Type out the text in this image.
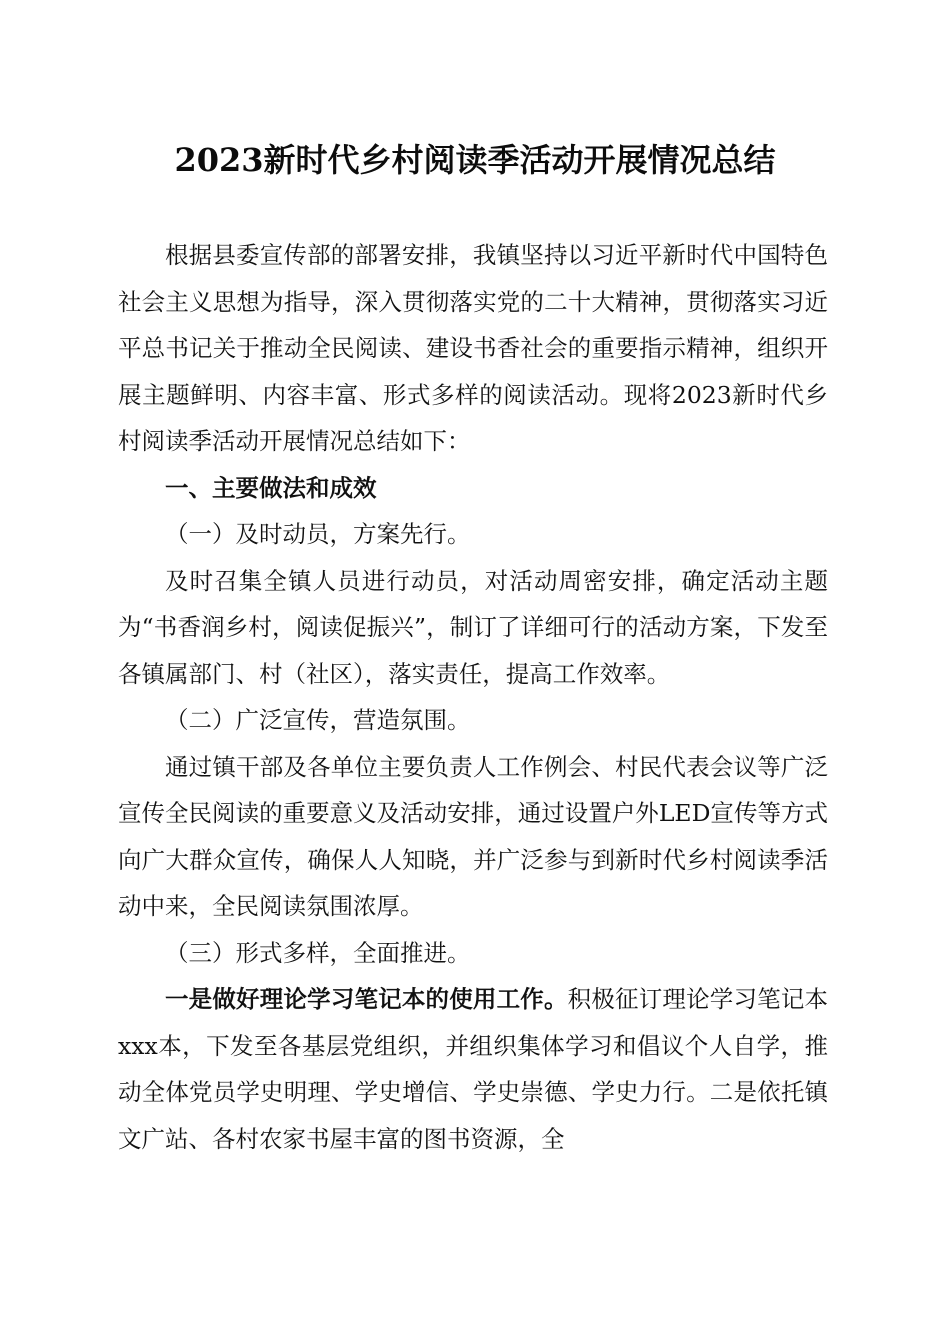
2023新时代乡村阅读季活动开展情况总结

根据县委宣传部的部署安排，我镇坚持以习近平新时代中国特色社会主义思想为指导，深入贯彻落实党的二十大精神，贯彻落实习近平总书记关于推动全民阅读、建设书香社会的重要指示精神，组织开展主题鲜明、内容丰富、形式多样的阅读活动。现将2023新时代乡村阅读季活动开展情况总结如下：

一、主要做法和成效

（一）及时动员，方案先行。

及时召集全镇人员进行动员，对活动周密安排，确定活动主题为“书香润乡村，阅读促振兴”，制订了详细可行的活动方案，下发至各镇属部门、村（社区），落实责任，提高工作效率。

（二）广泛宣传，营造氛围。

通过镇干部及各单位主要负责人工作例会、村民代表会议等广泛宣传全民阅读的重要意义及活动安排，通过设置户外LED宣传等方式向广大群众宣传，确保人人知晓，并广泛参与到新时代乡村阅读季活动中来，全民阅读氛围浓厚。

（三）形式多样，全面推进。

一是做好理论学习笔记本的使用工作。积极征订理论学习笔记本xxx本，下发至各基层党组织，并组织集体学习和倡议个人自学，推动全体党员学史明理、学史增信、学史崇德、学史力行。二是依托镇文广站、各村农家书屋丰富的图书资源，全
